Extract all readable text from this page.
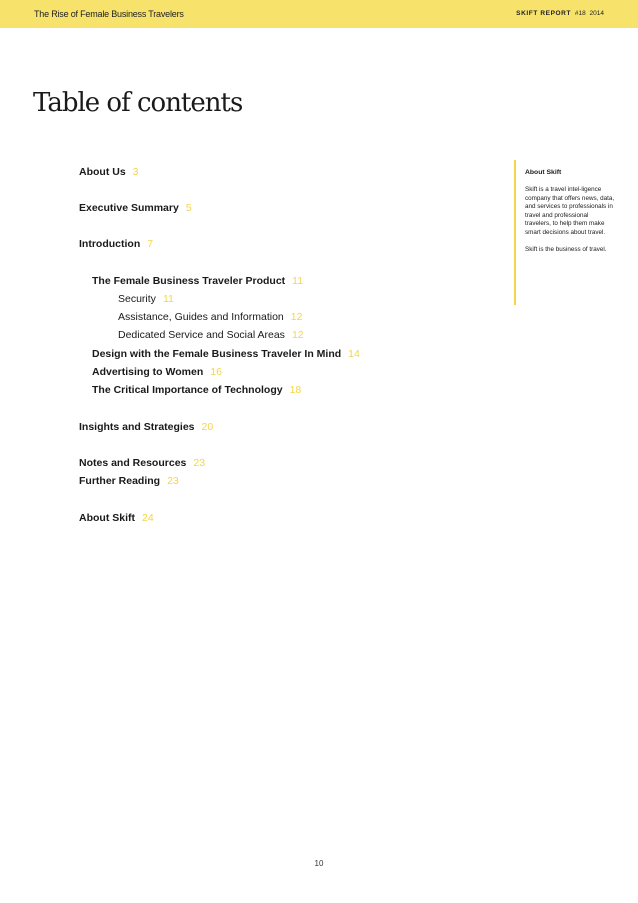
The Rise of Female Business Travelers	SKIFT REPORT #18 2014
Table of contents
About Us 3
Executive Summary 5
Introduction 7
The Female Business Traveler Product 11
Security 11
Assistance, Guides and Information 12
Dedicated Service and Social Areas 12
Design with the Female Business Traveler In Mind 14
Advertising to Women 16
The Critical Importance of Technology 18
Insights and Strategies 20
Notes and Resources 23
Further Reading 23
About Skift 24
About Skift

Skift is a travel intel-ligence company that offers news, data, and services to professionals in travel and professional travelers, to help them make smart decisions about travel.

Skift is the business of travel.

10
